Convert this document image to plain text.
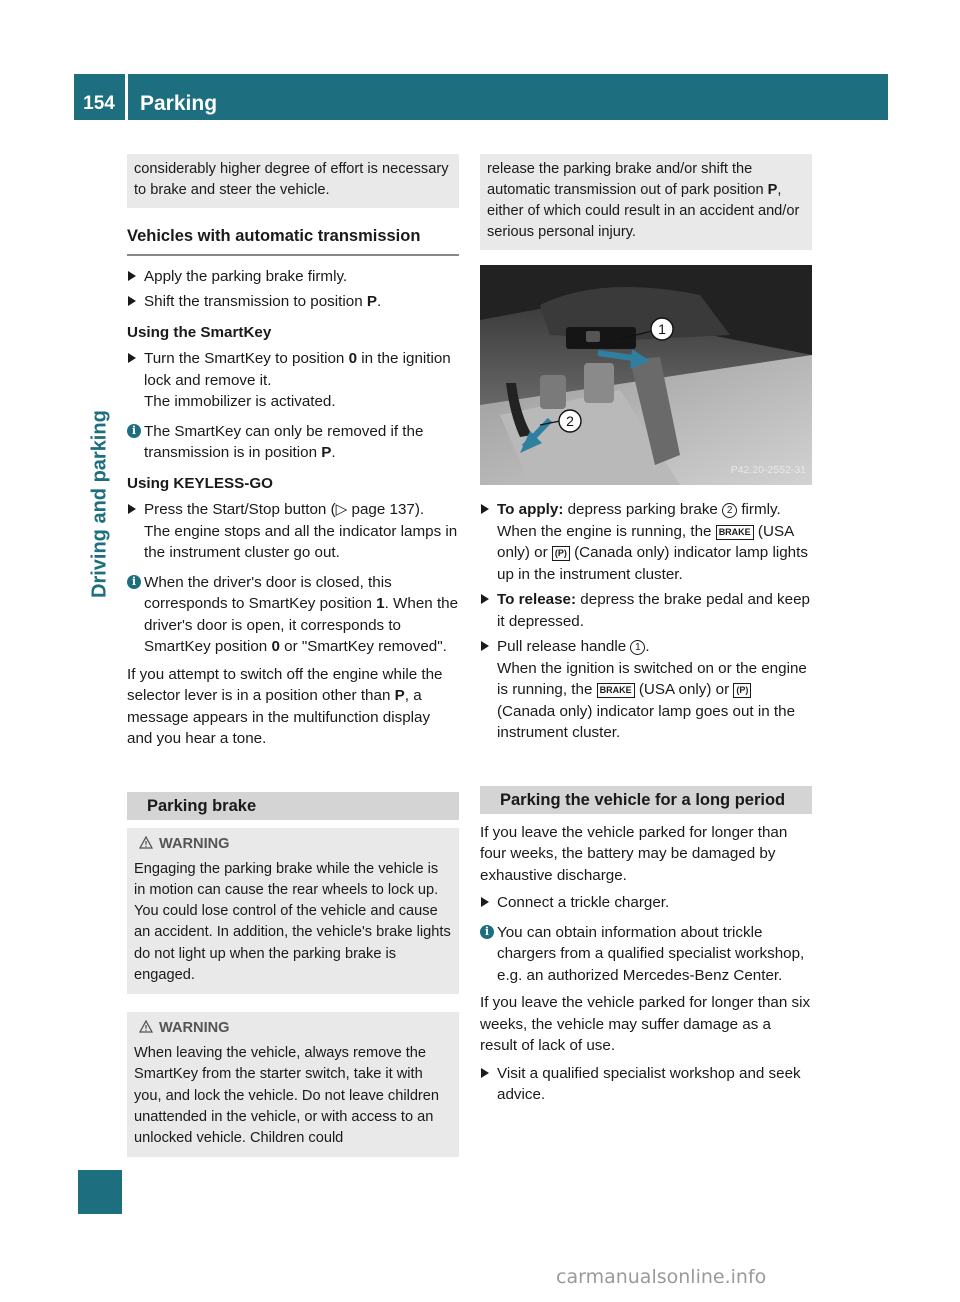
154	Parking
Driving and parking

considerably higher degree of effort is necessary to brake and steer the vehicle.

Vehicles with automatic transmission
Apply the parking brake firmly.
Shift the transmission to position P.
Using the SmartKey
Turn the SmartKey to position 0 in the ignition lock and remove it.
The immobilizer is activated.
i The SmartKey can only be removed if the transmission is in position P.
Using KEYLESS-GO
Press the Start/Stop button (▷ page 137).
The engine stops and all the indicator lamps in the instrument cluster go out.
i When the driver's door is closed, this corresponds to SmartKey position 1. When the driver's door is open, it corresponds to SmartKey position 0 or "SmartKey removed".

If you attempt to switch off the engine while the selector lever is in a position other than P, a message appears in the multifunction display and you hear a tone.

Parking brake
WARNING

Engaging the parking brake while the vehicle is in motion can cause the rear wheels to lock up. You could lose control of the vehicle and cause an accident. In addition, the vehicle's brake lights do not light up when the parking brake is engaged.

WARNING

When leaving the vehicle, always remove the SmartKey from the starter switch, take it with you, and lock the vehicle. Do not leave children unattended in the vehicle, or with access to an unlocked vehicle. Children could

release the parking brake and/or shift the automatic transmission out of park position P, either of which could result in an accident and/or serious personal injury.

1
2
P42.20-2552-31
To apply: depress parking brake 2 firmly.
When the engine is running, the BRAKE (USA only) or (P) (Canada only) indicator lamp lights up in the instrument cluster.
To release: depress the brake pedal and keep it depressed.
Pull release handle 1 .
When the ignition is switched on or the engine is running, the BRAKE (USA only) or (P) (Canada only) indicator lamp goes out in the instrument cluster.
Parking the vehicle for a long period

If you leave the vehicle parked for longer than four weeks, the battery may be damaged by exhaustive discharge.

Connect a trickle charger.
i You can obtain information about trickle chargers from a qualified specialist workshop, e.g. an authorized Mercedes-Benz Center.

If you leave the vehicle parked for longer than six weeks, the vehicle may suffer damage as a result of lack of use.

Visit a qualified specialist workshop and seek advice.
carmanualsonline.info
